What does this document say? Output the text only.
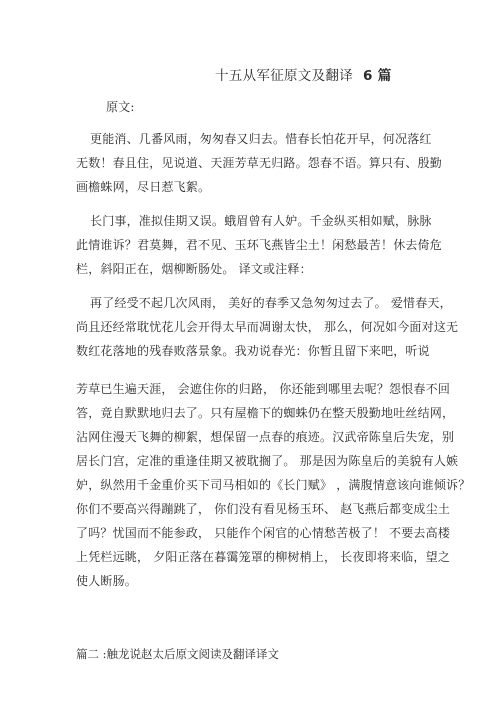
十五从军征原文及翻译 6 篇
原文:
更能消、几番风雨，匆匆春又归去。惜春长怕花开早，何况落红
无数！春且住，见说道、天涯芳草无归路。怨春不语。算只有、殷勤
画檐蛛网，尽日惹飞絮。
长门事，准拟佳期又误。蛾眉曾有人妒。千金纵买相如赋，脉脉
此情谁诉？君莫舞，君不见、玉环飞燕皆尘土！闲愁最苦！休去倚危
栏，斜阳正在，烟柳断肠处。 译文或注释：
再了经受不起几次风雨， 美好的春季又急匆匆过去了。 爱惜春天，
尚且还经常耽忧花儿会开得太早而凋谢太快， 那么，何况如今面对这无
数红花落地的残春败落景象。我劝说春光：你暂且留下来吧，听说
芳草已生遍天涯， 会遮住你的归路， 你还能到哪里去呢？怨恨春不回
答，竟自默默地归去了。只有屋檐下的蜘蛛仍在整天殷勤地吐丝结网，
沾网住漫天飞舞的柳絮，想保留一点春的痕迹。汉武帝陈皇后失宠，别
居长门宫，定准的重逢佳期又被耽搁了。 那是因为陈皇后的美貌有人嫉
妒，纵然用千金重价买下司马相如的《长门赋》 ，满腹情意该向谁倾诉？
你们不要高兴得蹦跳了， 你们没有看见杨玉环、 赵飞燕后都变成尘土
了吗？忧国而不能参政， 只能作个闲官的心情愁苦极了！ 不要去高楼
上凭栏远眺， 夕阳正落在暮霭笼罩的柳树梢上， 长夜即将来临，望之
使人断肠。
篇二 :触龙说赵太后原文阅读及翻译译文
